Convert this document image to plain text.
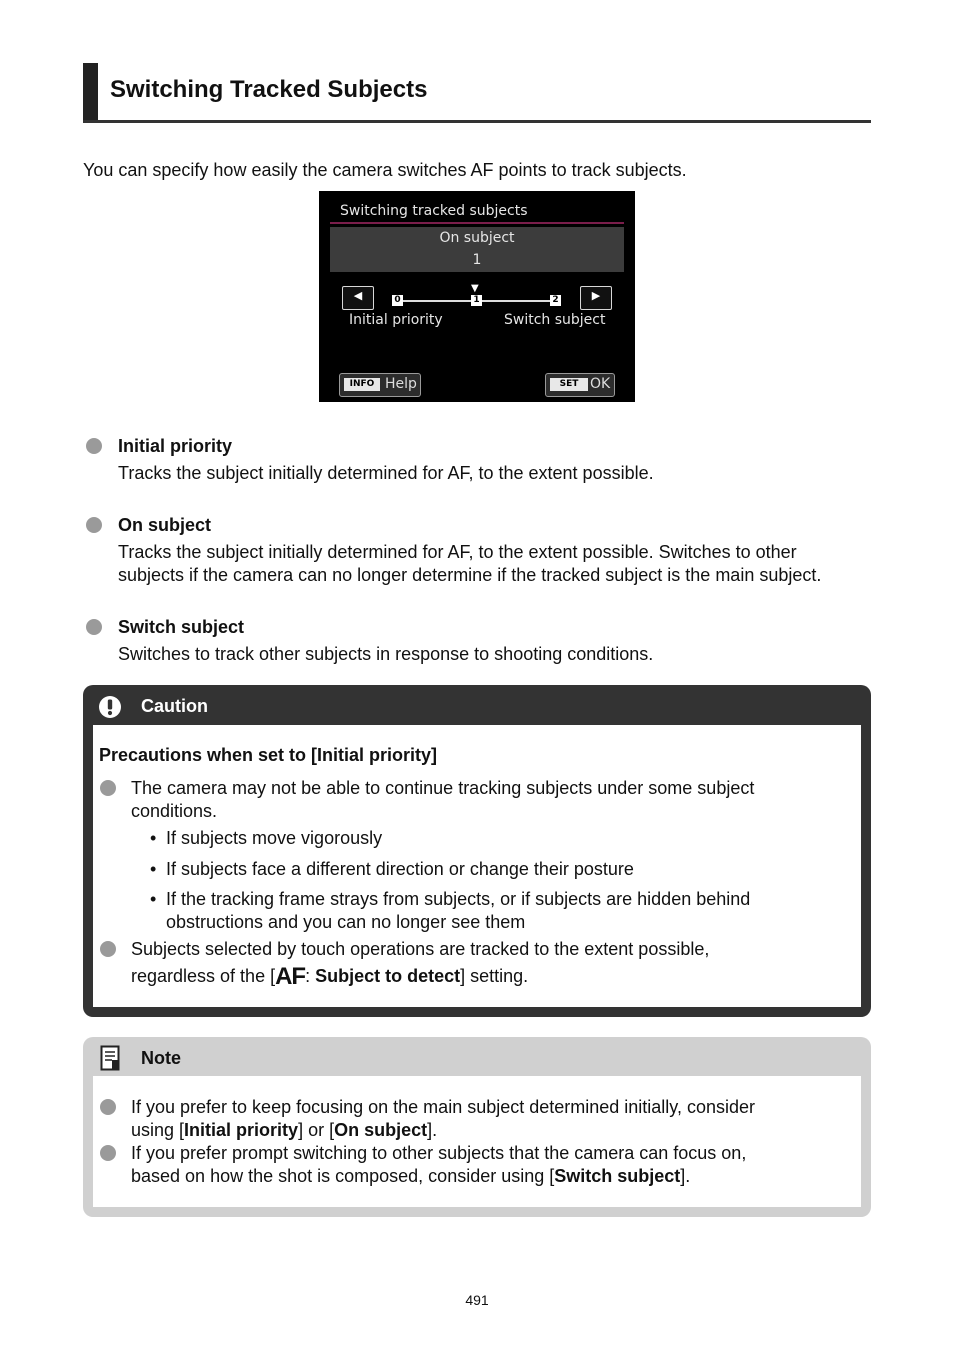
Switching Tracked Subjects
You can specify how easily the camera switches AF points to track subjects.
Switching tracked subjects
On subject
1
◀	▶
▼
0	1	2
Initial priority	Switch subject
INFO Help	SET OK
Initial priority
Tracks the subject initially determined for AF, to the extent possible.
On subject
Tracks the subject initially determined for AF, to the extent possible. Switches to other
subjects if the camera can no longer determine if the tracked subject is the main subject.
Switch subject
Switches to track other subjects in response to shooting conditions.
Caution
Precautions when set to [Initial priority]
The camera may not be able to continue tracking subjects under some subject
conditions.
• If subjects move vigorously
• If subjects face a different direction or change their posture
• If the tracking frame strays from subjects, or if subjects are hidden behind
obstructions and you can no longer see them
Subjects selected by touch operations are tracked to the extent possible,
regardless of the [AF: Subject to detect] setting.
Note
If you prefer to keep focusing on the main subject determined initially, consider
using [Initial priority] or [On subject].
If you prefer prompt switching to other subjects that the camera can focus on,
based on how the shot is composed, consider using [Switch subject].
491
